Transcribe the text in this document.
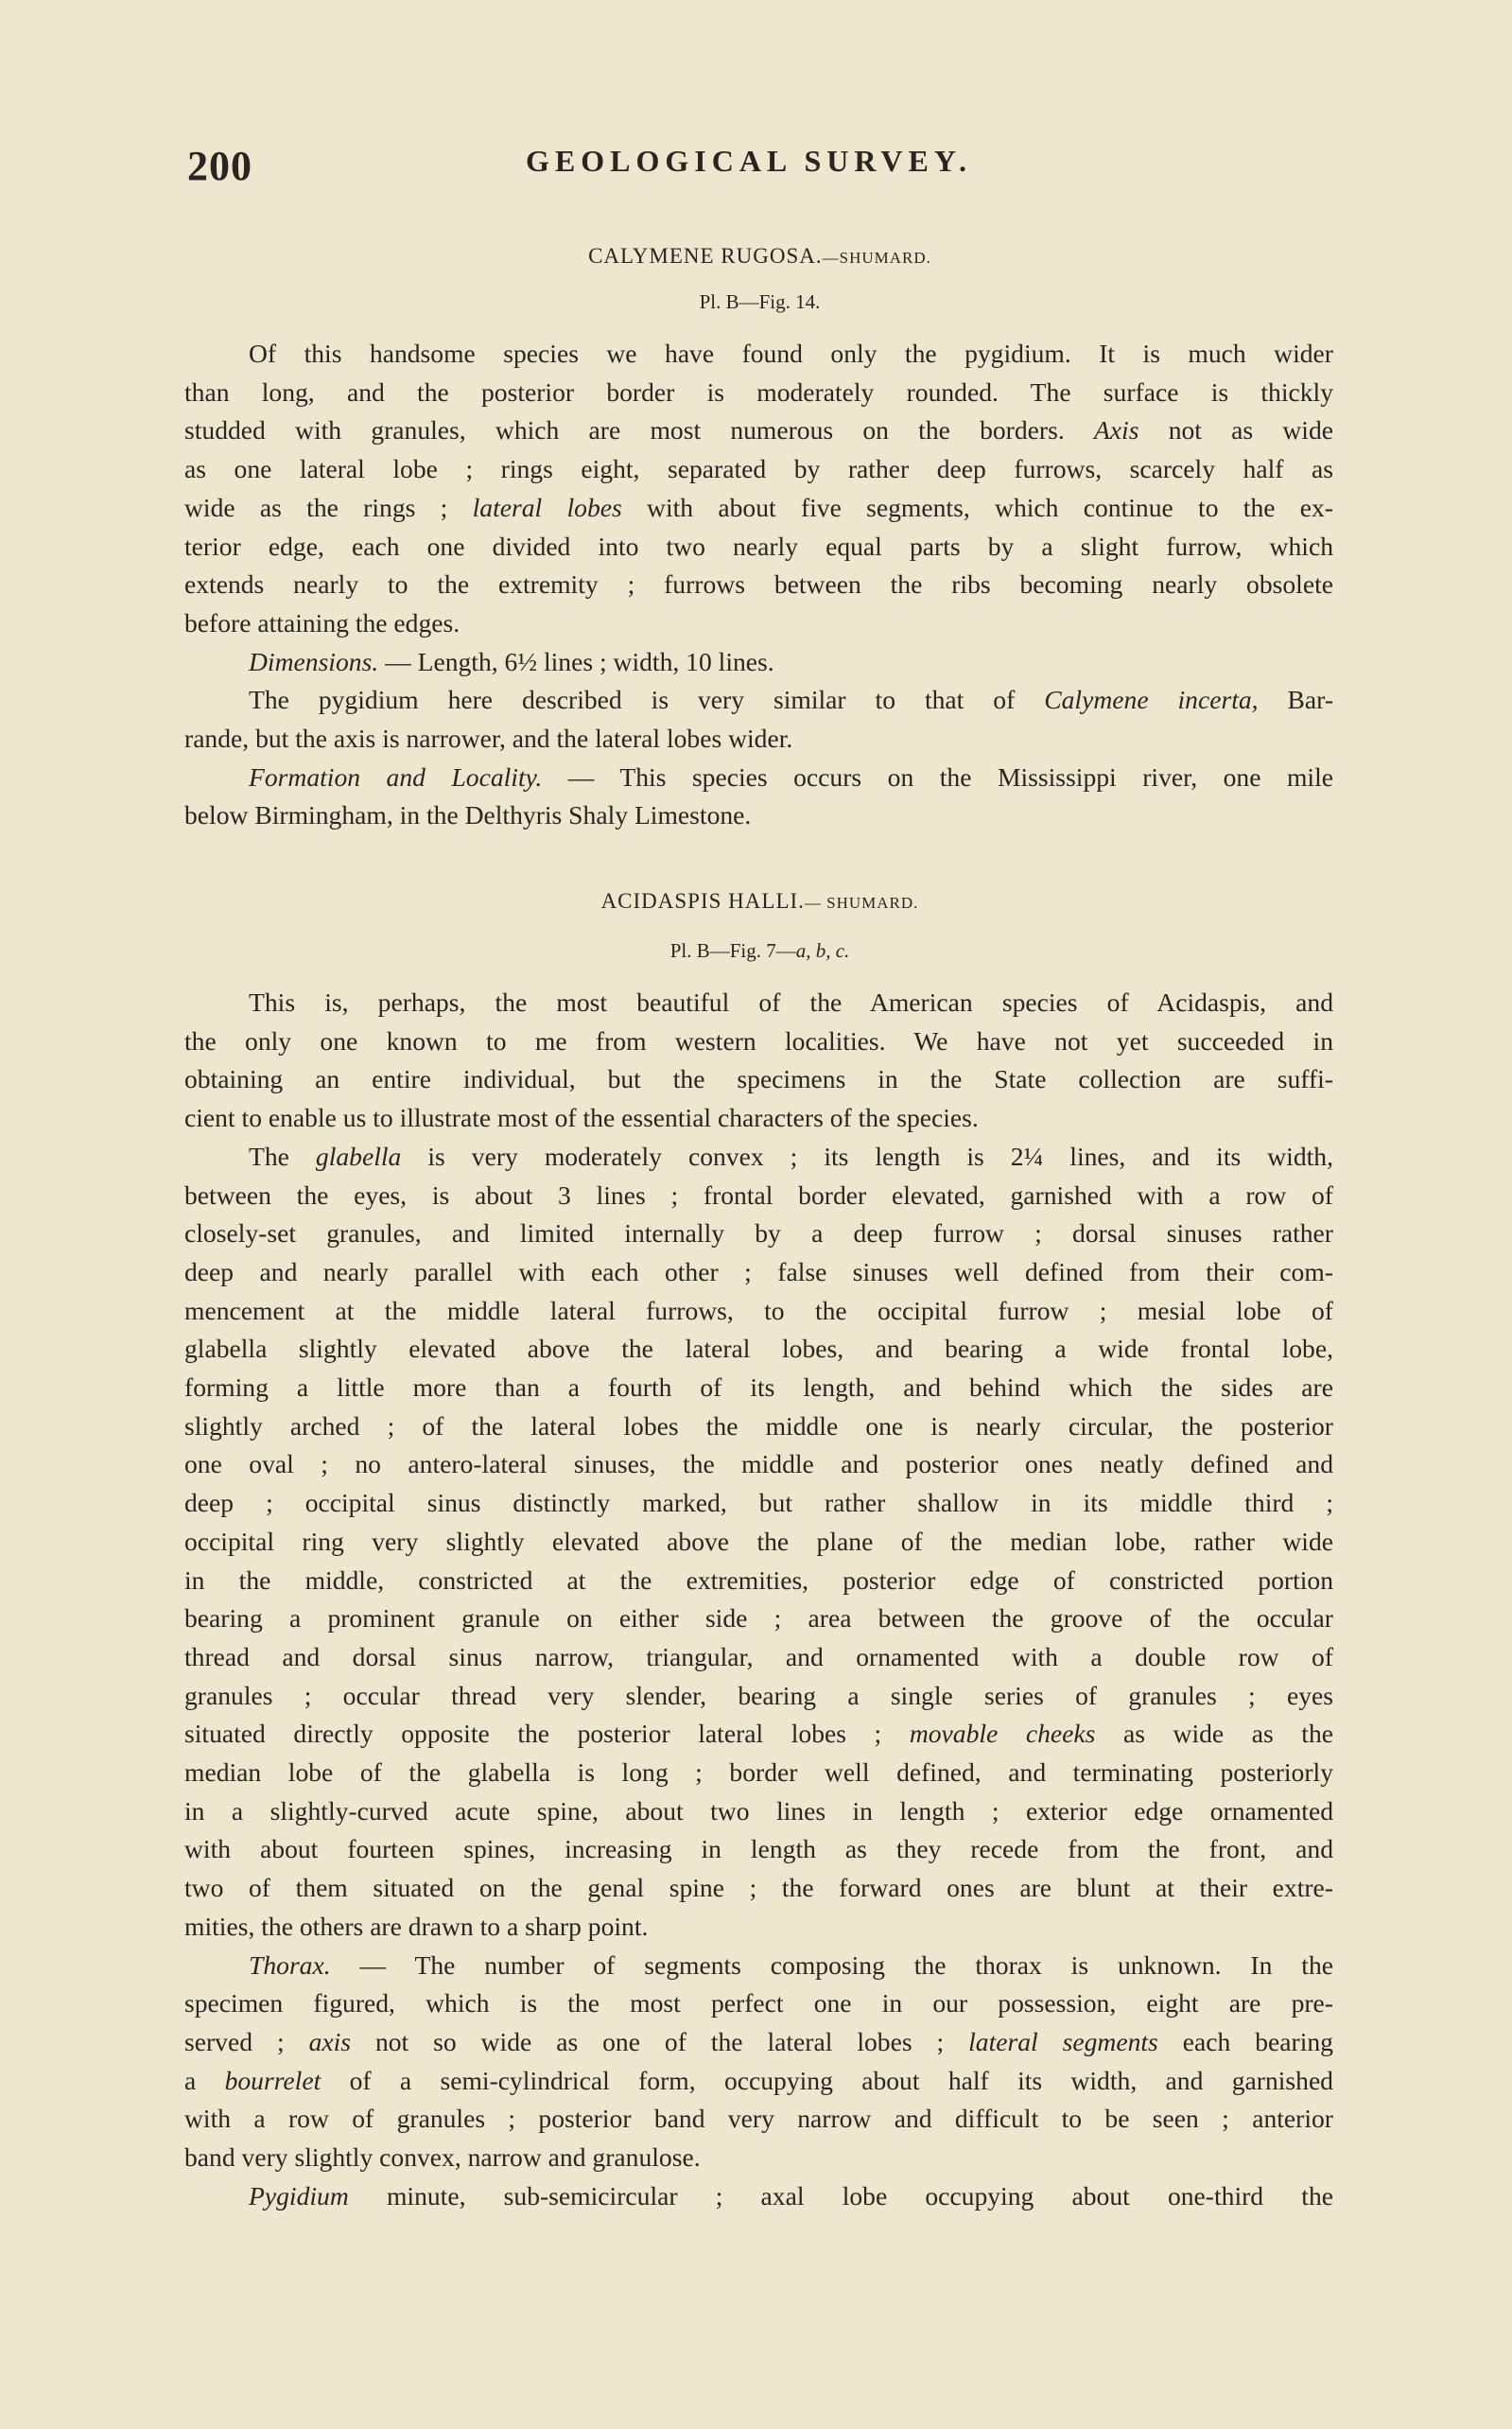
200	GEOLOGICAL SURVEY.
CALYMENE RUGOSA.—SHUMARD.
Pl. B—Fig. 14.
Of this handsome species we have found only the pygidium. It is much wider
than long, and the posterior border is moderately rounded. The surface is thickly
studded with granules, which are most numerous on the borders. Axis not as wide
as one lateral lobe ; rings eight, separated by rather deep furrows, scarcely half as
wide as the rings ; lateral lobes with about five segments, which continue to the ex-
terior edge, each one divided into two nearly equal parts by a slight furrow, which
extends nearly to the extremity ; furrows between the ribs becoming nearly obsolete
before attaining the edges.
Dimensions. — Length, 6½ lines ; width, 10 lines.
The pygidium here described is very similar to that of Calymene incerta, Bar-
rande, but the axis is narrower, and the lateral lobes wider.
Formation and Locality. — This species occurs on the Mississippi river, one mile
below Birmingham, in the Delthyris Shaly Limestone.
ACIDASPIS HALLI.— SHUMARD.
Pl. B—Fig. 7—a, b, c.
This is, perhaps, the most beautiful of the American species of Acidaspis, and
the only one known to me from western localities. We have not yet succeeded in
obtaining an entire individual, but the specimens in the State collection are suffi-
cient to enable us to illustrate most of the essential characters of the species.
The glabella is very moderately convex ; its length is 2¼ lines, and its width,
between the eyes, is about 3 lines ; frontal border elevated, garnished with a row of
closely-set granules, and limited internally by a deep furrow ; dorsal sinuses rather
deep and nearly parallel with each other ; false sinuses well defined from their com-
mencement at the middle lateral furrows, to the occipital furrow ; mesial lobe of
glabella slightly elevated above the lateral lobes, and bearing a wide frontal lobe,
forming a little more than a fourth of its length, and behind which the sides are
slightly arched ; of the lateral lobes the middle one is nearly circular, the posterior
one oval ; no antero-lateral sinuses, the middle and posterior ones neatly defined and
deep ; occipital sinus distinctly marked, but rather shallow in its middle third ;
occipital ring very slightly elevated above the plane of the median lobe, rather wide
in the middle, constricted at the extremities, posterior edge of constricted portion
bearing a prominent granule on either side ; area between the groove of the occular
thread and dorsal sinus narrow, triangular, and ornamented with a double row of
granules ; occular thread very slender, bearing a single series of granules ; eyes
situated directly opposite the posterior lateral lobes ; movable cheeks as wide as the
median lobe of the glabella is long ; border well defined, and terminating posteriorly
in a slightly-curved acute spine, about two lines in length ; exterior edge ornamented
with about fourteen spines, increasing in length as they recede from the front, and
two of them situated on the genal spine ; the forward ones are blunt at their extre-
mities, the others are drawn to a sharp point.
Thorax. — The number of segments composing the thorax is unknown. In the
specimen figured, which is the most perfect one in our possession, eight are pre-
served ; axis not so wide as one of the lateral lobes ; lateral segments each bearing
a bourrelet of a semi-cylindrical form, occupying about half its width, and garnished
with a row of granules ; posterior band very narrow and difficult to be seen ; anterior
band very slightly convex, narrow and granulose.
Pygidium minute, sub-semicircular ; axal lobe occupying about one-third the
